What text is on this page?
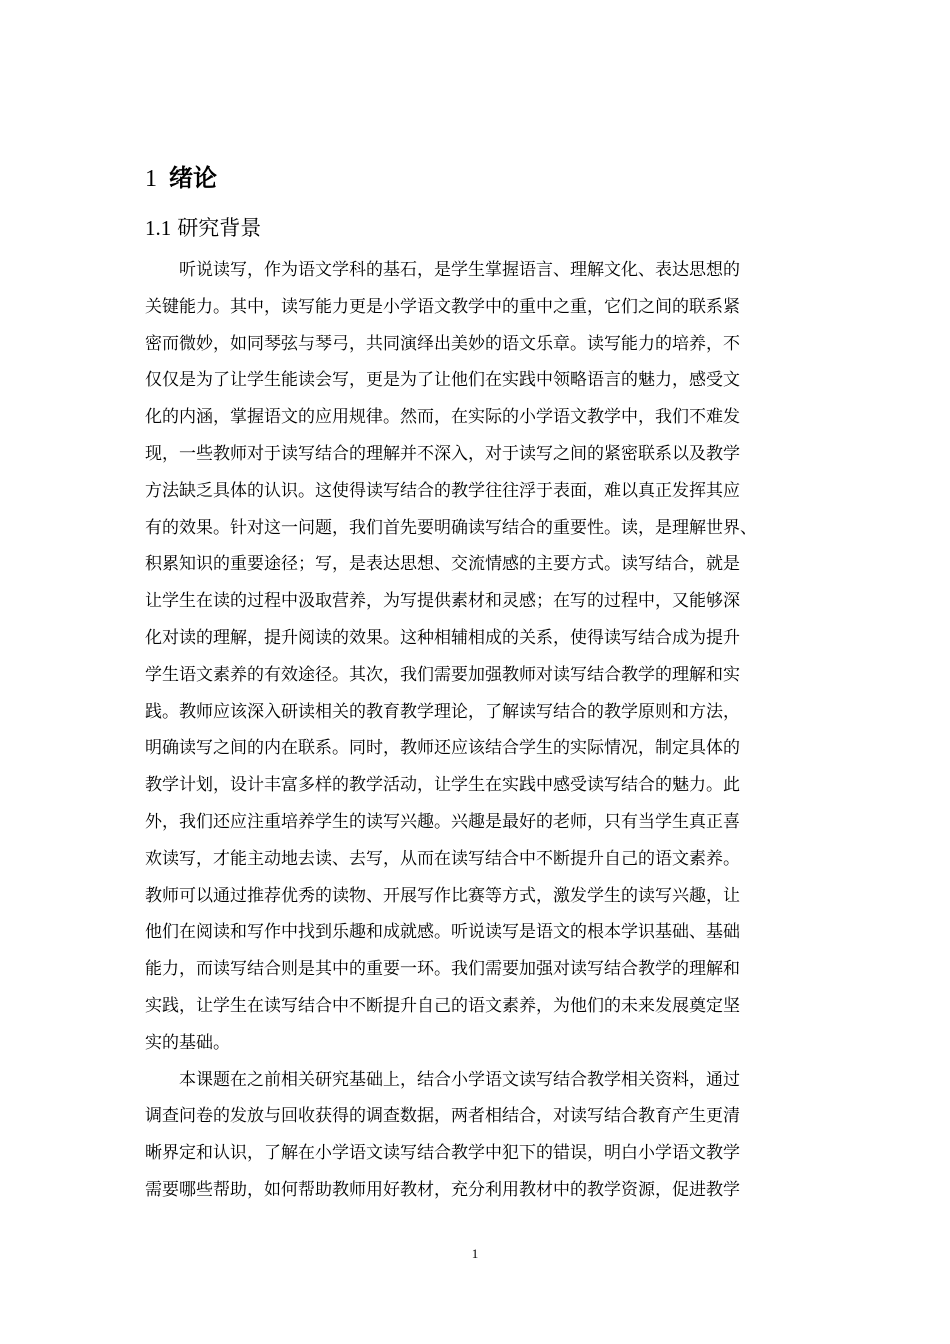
1 绪论
1.1 研究背景
听说读写，作为语文学科的基石，是学生掌握语言、理解文化、表达思想的
关键能力。其中，读写能力更是小学语文教学中的重中之重，它们之间的联系紧
密而微妙，如同琴弦与琴弓，共同演绎出美妙的语文乐章。读写能力的培养，不
仅仅是为了让学生能读会写，更是为了让他们在实践中领略语言的魅力，感受文
化的内涵，掌握语文的应用规律。然而，在实际的小学语文教学中，我们不难发
现，一些教师对于读写结合的理解并不深入，对于读写之间的紧密联系以及教学
方法缺乏具体的认识。这使得读写结合的教学往往浮于表面，难以真正发挥其应
有的效果。针对这一问题，我们首先要明确读写结合的重要性。读，是理解世界、
积累知识的重要途径；写，是表达思想、交流情感的主要方式。读写结合，就是
让学生在读的过程中汲取营养，为写提供素材和灵感；在写的过程中，又能够深
化对读的理解，提升阅读的效果。这种相辅相成的关系，使得读写结合成为提升
学生语文素养的有效途径。其次，我们需要加强教师对读写结合教学的理解和实
践。教师应该深入研读相关的教育教学理论，了解读写结合的教学原则和方法，
明确读写之间的内在联系。同时，教师还应该结合学生的实际情况，制定具体的
教学计划，设计丰富多样的教学活动，让学生在实践中感受读写结合的魅力。此
外，我们还应注重培养学生的读写兴趣。兴趣是最好的老师，只有当学生真正喜
欢读写，才能主动地去读、去写，从而在读写结合中不断提升自己的语文素养。
教师可以通过推荐优秀的读物、开展写作比赛等方式，激发学生的读写兴趣，让
他们在阅读和写作中找到乐趣和成就感。听说读写是语文的根本学识基础、基础
能力，而读写结合则是其中的重要一环。我们需要加强对读写结合教学的理解和
实践，让学生在读写结合中不断提升自己的语文素养，为他们的未来发展奠定坚
实的基础。
本课题在之前相关研究基础上，结合小学语文读写结合教学相关资料，通过
调查问卷的发放与回收获得的调查数据，两者相结合，对读写结合教育产生更清
晰界定和认识，了解在小学语文读写结合教学中犯下的错误，明白小学语文教学
需要哪些帮助，如何帮助教师用好教材，充分利用教材中的教学资源，促进教学
1
